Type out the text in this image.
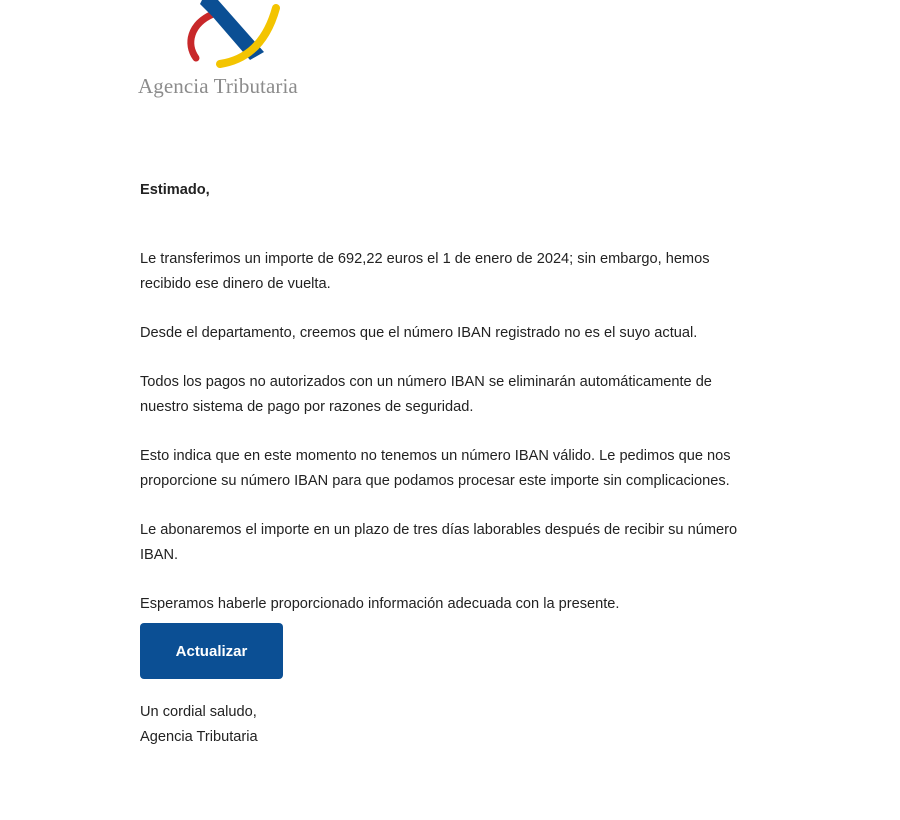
Agencia Tributaria

Estimado,

Le transferimos un importe de 692,22 euros el 1 de enero de 2024; sin embargo, hemos recibido ese dinero de vuelta.

Desde el departamento, creemos que el número IBAN registrado no es el suyo actual.

Todos los pagos no autorizados con un número IBAN se eliminarán automáticamente de nuestro sistema de pago por razones de seguridad.

Esto indica que en este momento no tenemos un número IBAN válido. Le pedimos que nos proporcione su número IBAN para que podamos procesar este importe sin complicaciones.

Le abonaremos el importe en un plazo de tres días laborables después de recibir su número IBAN.

Esperamos haberle proporcionado información adecuada con la presente.

Actualizar

Un cordial saludo,

Agencia Tributaria
